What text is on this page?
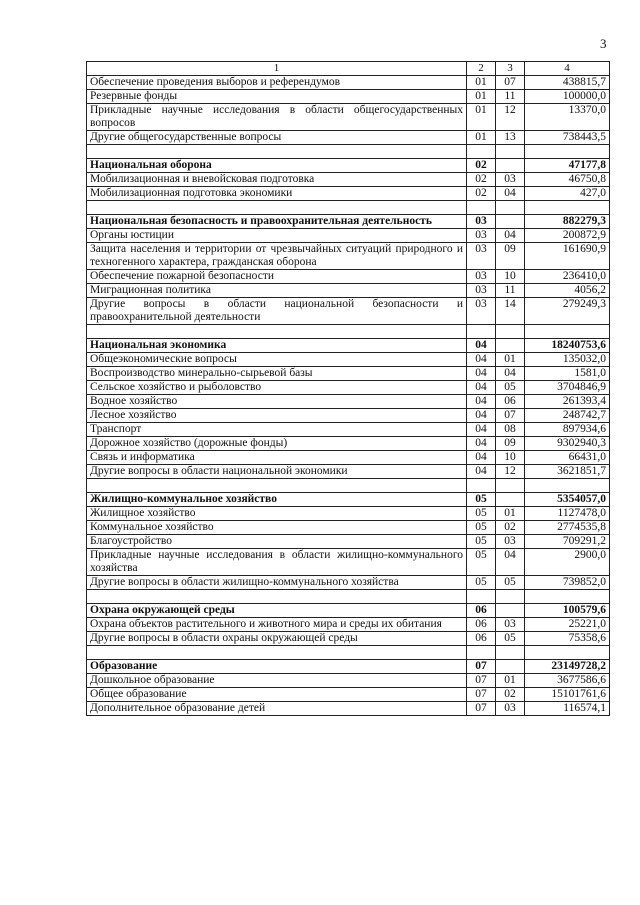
3
1	2	3	4
Обеспечение проведения выборов и референдумов	01	07	438815,7
Резервные фонды	01	11	100000,0
Прикладные научные исследования в области общегосударственных вопросов	01	12	13370,0
Другие общегосударственные вопросы	01	13	738443,5

Национальная оборона	02		47177,8
Мобилизационная и вневойсковая подготовка	02	03	46750,8
Мобилизационная подготовка экономики	02	04	427,0

Национальная безопасность и правоохранительная деятельность	03		882279,3
Органы юстиции	03	04	200872,9
Защита населения и территории от чрезвычайных ситуаций природного и техногенного характера, гражданская оборона	03	09	161690,9
Обеспечение пожарной безопасности	03	10	236410,0
Миграционная политика	03	11	4056,2
Другие вопросы в области национальной безопасности и правоохранительной деятельности	03	14	279249,3

Национальная экономика	04		18240753,6
Общеэкономические вопросы	04	01	135032,0
Воспроизводство минерально-сырьевой базы	04	04	1581,0
Сельское хозяйство и рыболовство	04	05	3704846,9
Водное хозяйство	04	06	261393,4
Лесное хозяйство	04	07	248742,7
Транспорт	04	08	897934,6
Дорожное хозяйство (дорожные фонды)	04	09	9302940,3
Связь и информатика	04	10	66431,0
Другие вопросы в области национальной экономики	04	12	3621851,7

Жилищно-коммунальное хозяйство	05		5354057,0
Жилищное хозяйство	05	01	1127478,0
Коммунальное хозяйство	05	02	2774535,8
Благоустройство	05	03	709291,2
Прикладные научные исследования в области жилищно-коммунального хозяйства	05	04	2900,0
Другие вопросы в области жилищно-коммунального хозяйства	05	05	739852,0

Охрана окружающей среды	06		100579,6
Охрана объектов растительного и животного мира и среды их обитания	06	03	25221,0
Другие вопросы в области охраны окружающей среды	06	05	75358,6

Образование	07		23149728,2
Дошкольное образование	07	01	3677586,6
Общее образование	07	02	15101761,6
Дополнительное образование детей	07	03	116574,1
